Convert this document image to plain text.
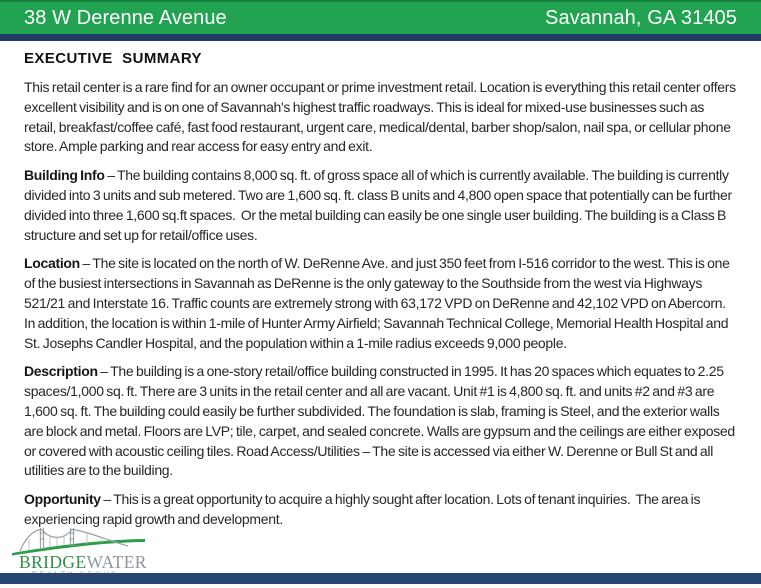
38 W Derenne Avenue	Savannah, GA 31405
EXECUTIVE SUMMARY

This retail center is a rare find for an owner occupant or prime investment retail. Location is everything this retail center offers excellent visibility and is on one of Savannah's highest traffic roadways. This is ideal for mixed-use businesses such as retail, breakfast/coffee café, fast food restaurant, urgent care, medical/dental, barber shop/salon, nail spa, or cellular phone store. Ample parking and rear access for easy entry and exit.

Building Info – The building contains 8,000 sq. ft. of gross space all of which is currently available. The building is currently divided into 3 units and sub metered. Two are 1,600 sq. ft. class B units and 4,800 open space that potentially can be further divided into three 1,600 sq.ft spaces.  Or the metal building can easily be one single user building. The building is a Class B structure and set up for retail/office uses.

Location – The site is located on the north of W. DeRenne Ave. and just 350 feet from I-516 corridor to the west. This is one of the busiest intersections in Savannah as DeRenne is the only gateway to the Southside from the west via Highways 521/21 and Interstate 16. Traffic counts are extremely strong with 63,172 VPD on DeRenne and 42,102 VPD on Abercorn. In addition, the location is within 1-mile of Hunter Army Airfield; Savannah Technical College, Memorial Health Hospital and St. Josephs Candler Hospital, and the population within a 1-mile radius exceeds 9,000 people.

Description – The building is a one-story retail/office building constructed in 1995. It has 20 spaces which equates to 2.25 spaces/1,000 sq. ft. There are 3 units in the retail center and all are vacant. Unit #1 is 4,800 sq. ft. and units #2 and #3 are 1,600 sq. ft. The building could easily be further subdivided. The foundation is slab, framing is Steel, and the exterior walls are block and metal. Floors are LVP; tile, carpet, and sealed concrete. Walls are gypsum and the ceilings are either exposed or covered with acoustic ceiling tiles. Road Access/Utilities – The site is accessed via either W. Derenne or Bull St and all utilities are to the building.

Opportunity – This is a great opportunity to acquire a highly sought after location. Lots of tenant inquiries.  The area is experiencing rapid growth and development.

BRIDGEWATER
